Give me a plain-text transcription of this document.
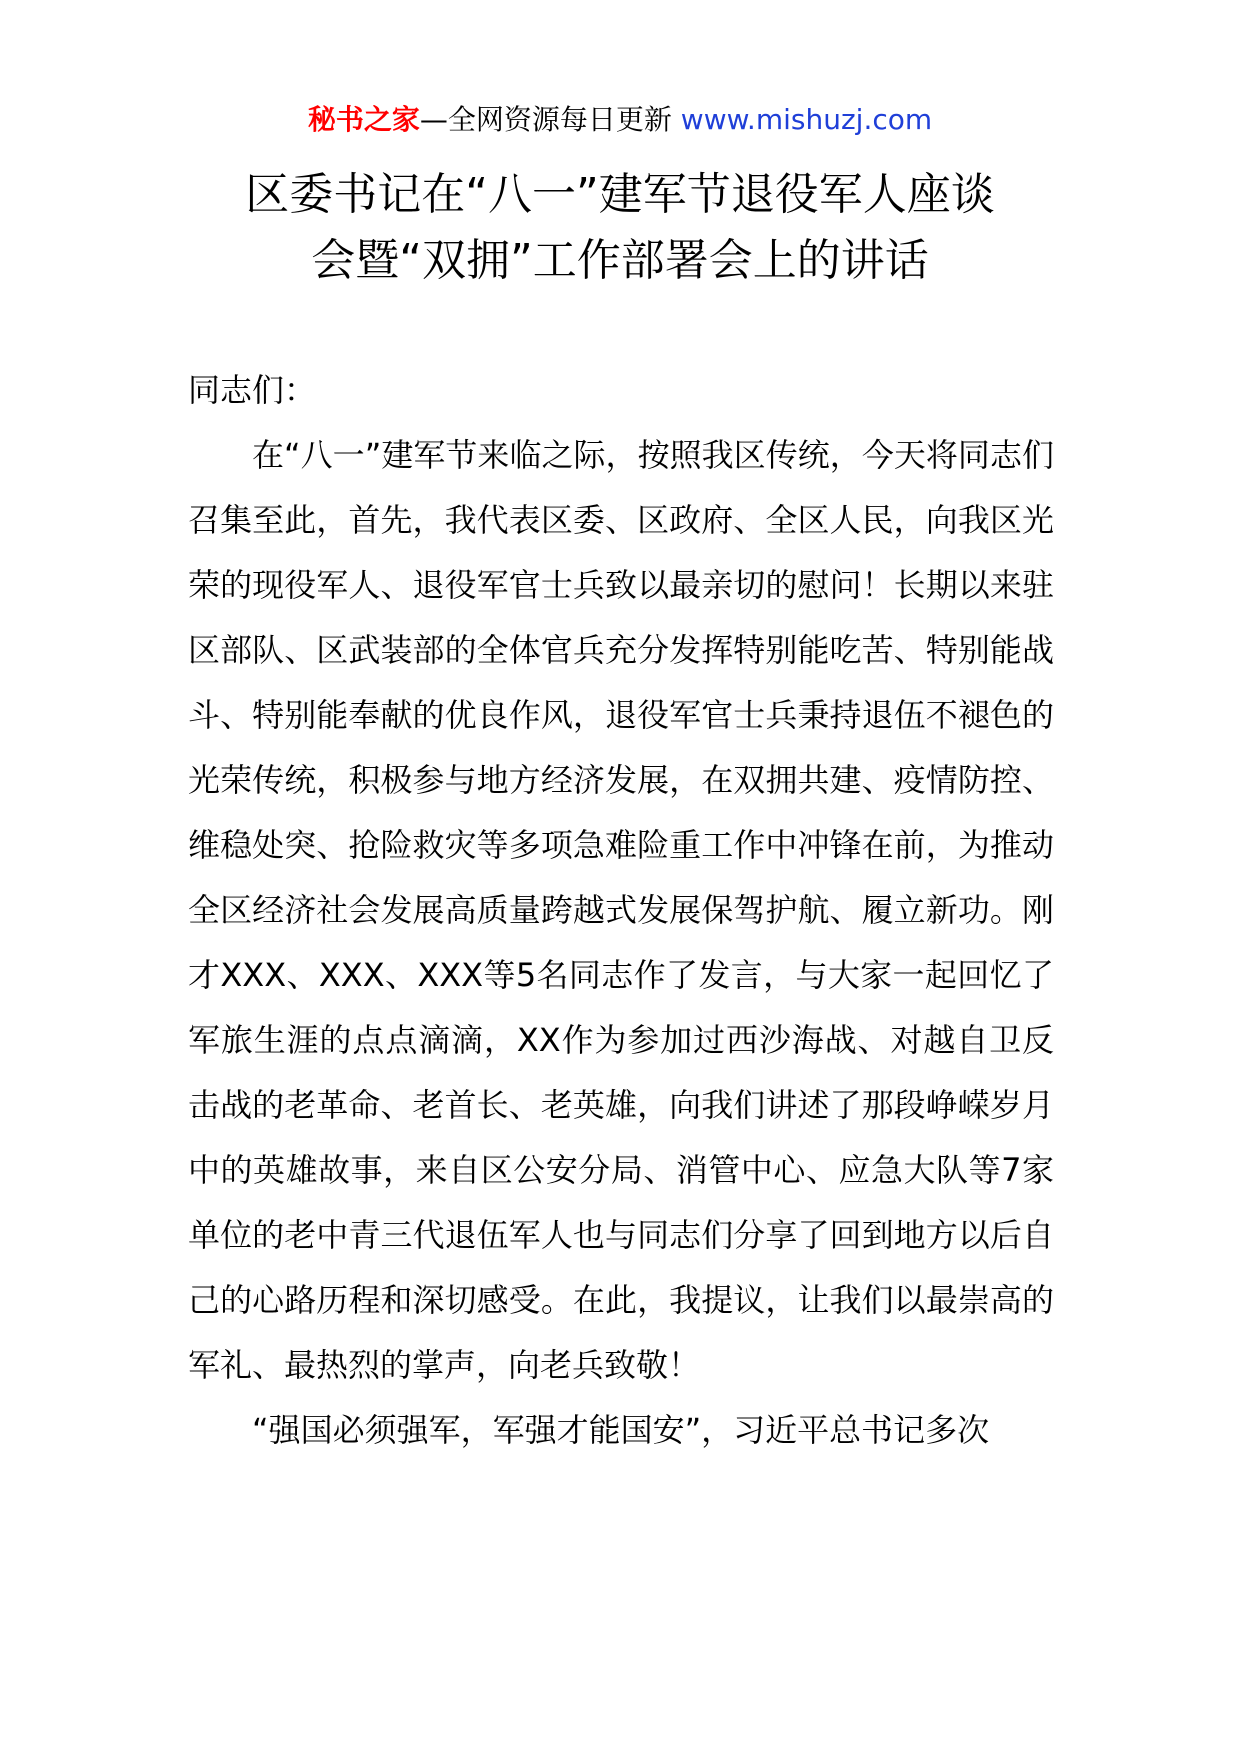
秘书之家—全网资源每日更新 www.mishuzj.com
区委书记在“八一”建军节退役军人座谈
会暨“双拥”工作部署会上的讲话

同志们：

在“八一”建军节来临之际，按照我区传统，今天将同志们召集至此，首先，我代表区委、区政府、全区人民，向我区光荣的现役军人、退役军官士兵致以最亲切的慰问！长期以来驻区部队、区武装部的全体官兵充分发挥特别能吃苦、特别能战斗、特别能奉献的优良作风，退役军官士兵秉持退伍不褪色的光荣传统，积极参与地方经济发展，在双拥共建、疫情防控、维稳处突、抢险救灾等多项急难险重工作中冲锋在前，为推动全区经济社会发展高质量跨越式发展保驾护航、履立新功。刚才XXX、XXX、XXX等5名同志作了发言，与大家一起回忆了军旅生涯的点点滴滴，XX作为参加过西沙海战、对越自卫反击战的老革命、老首长、老英雄，向我们讲述了那段峥嵘岁月中的英雄故事，来自区公安分局、消管中心、应急大队等7家单位的老中青三代退伍军人也与同志们分享了回到地方以后自己的心路历程和深切感受。在此，我提议，让我们以最崇高的军礼、最热烈的掌声，向老兵致敬！

“强国必须强军，军强才能国安”，习近平总书记多次
